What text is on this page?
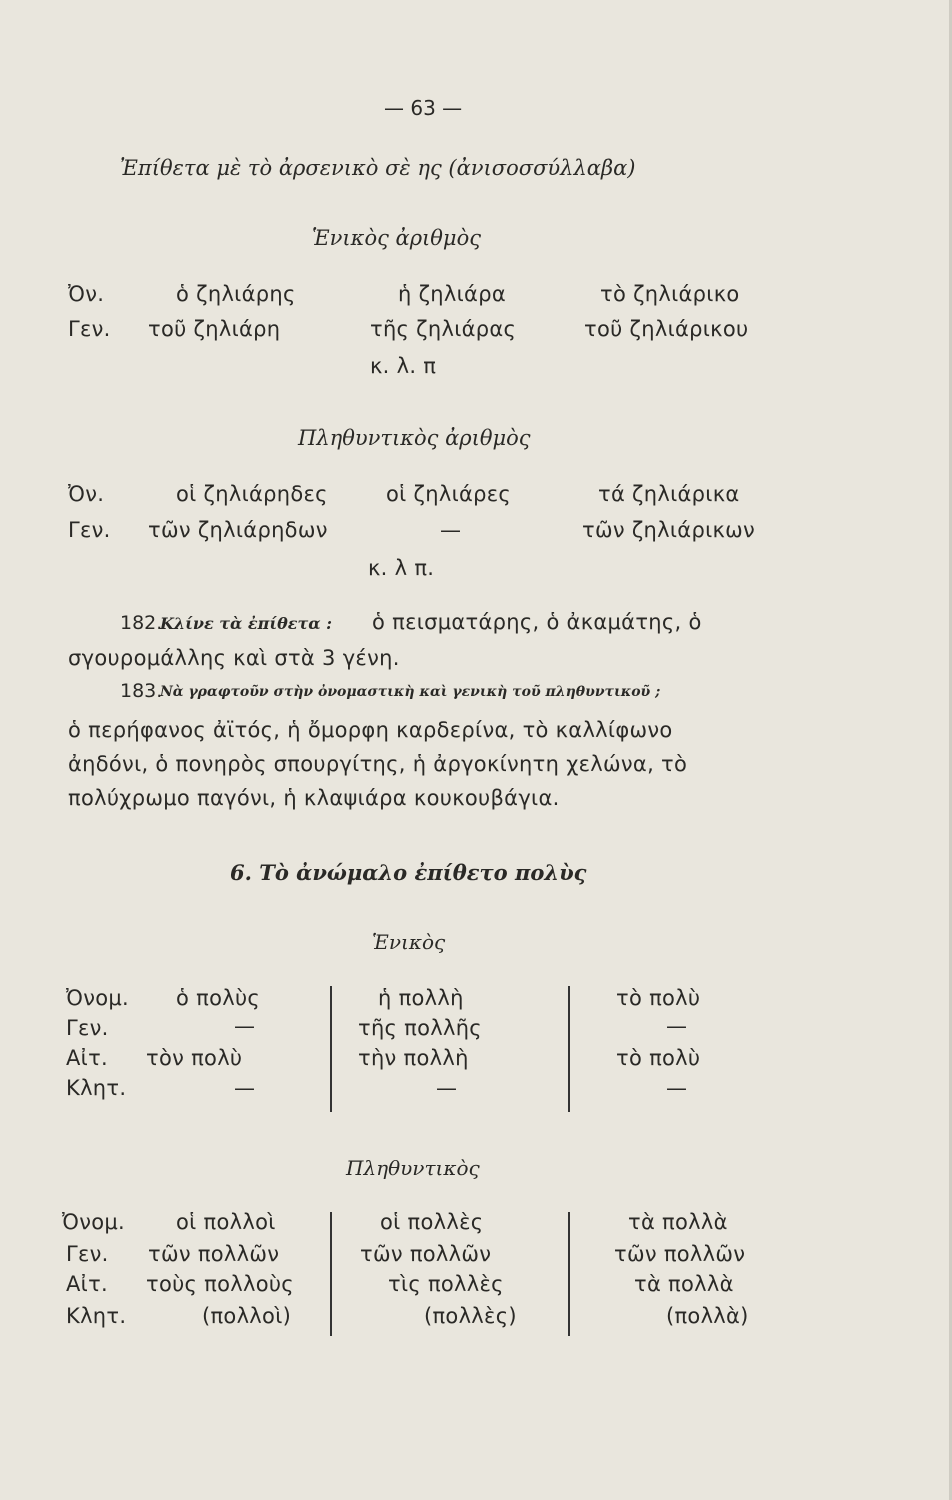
— 63 —
Ἐπίθετα μὲ τὸ ἀρσενικὸ σὲ ης (ἀνισοσσύλλαβα)
Ἑνικὸς ἀριθμὸς
Ὀν.	ὁ ζηλιάρης	ἡ ζηλιάρα	τὸ ζηλιάρικο
Γεν. τοῦ ζηλιάρη	τῆς ζηλιάρας	τοῦ ζηλιάρικου
κ. λ. π
Πληθυντικὸς ἀριθμὸς
Ὀν.	οἱ ζηλιάρηδες	οἱ ζηλιάρες	τά ζηλιάρικα
Γεν. τῶν ζηλιάρηδων	—	τῶν ζηλιάρικων
κ. λ π.
182.
Κλίνε τὰ ἐπίθετα : ὁ πεισματάρης, ὁ ἀκαμάτης, ὁ
σγουρομάλλης καὶ στὰ 3 γένη.
183.
Νὰ γραφτοῦν στὴν ὀνομαστικὴ καὶ γενικὴ τοῦ πληθυντικοῦ ;
ὁ περήφανος ἀϊτός, ἡ ὄμορφη καρδερίνα, τὸ καλλίφωνο
ἀηδόνι, ὁ πονηρὸς σπουργίτης, ἡ ἀργοκίνητη χελώνα, τὸ
πολύχρωμο παγόνι, ἡ κλαψιάρα κουκουβάγια.
6. Τὸ ἀνώμαλο ἐπίθετο πολὺς
Ἑνικὸς
Ὀνομ. ὁ πολὺς	ἡ πολλὴ	τὸ πολὺ
Γεν.	—	τῆς πολλῆς	—
Αἰτ. τὸν πολὺ	τὴν πολλὴ	τὸ πολὺ
Κλητ.	—	—	—
Πληθυντικὸς
Ὀνομ. οἱ πολλοὶ	οἱ πολλὲς	τὰ πολλὰ
Γεν. τῶν πολλῶν	τῶν πολλῶν	τῶν πολλῶν
Αἰτ. τοὺς πολλοὺς	τὶς πολλὲς	τὰ πολλὰ
Κλητ.	(πολλοὶ)	(πολλὲς)	(πολλὰ)
